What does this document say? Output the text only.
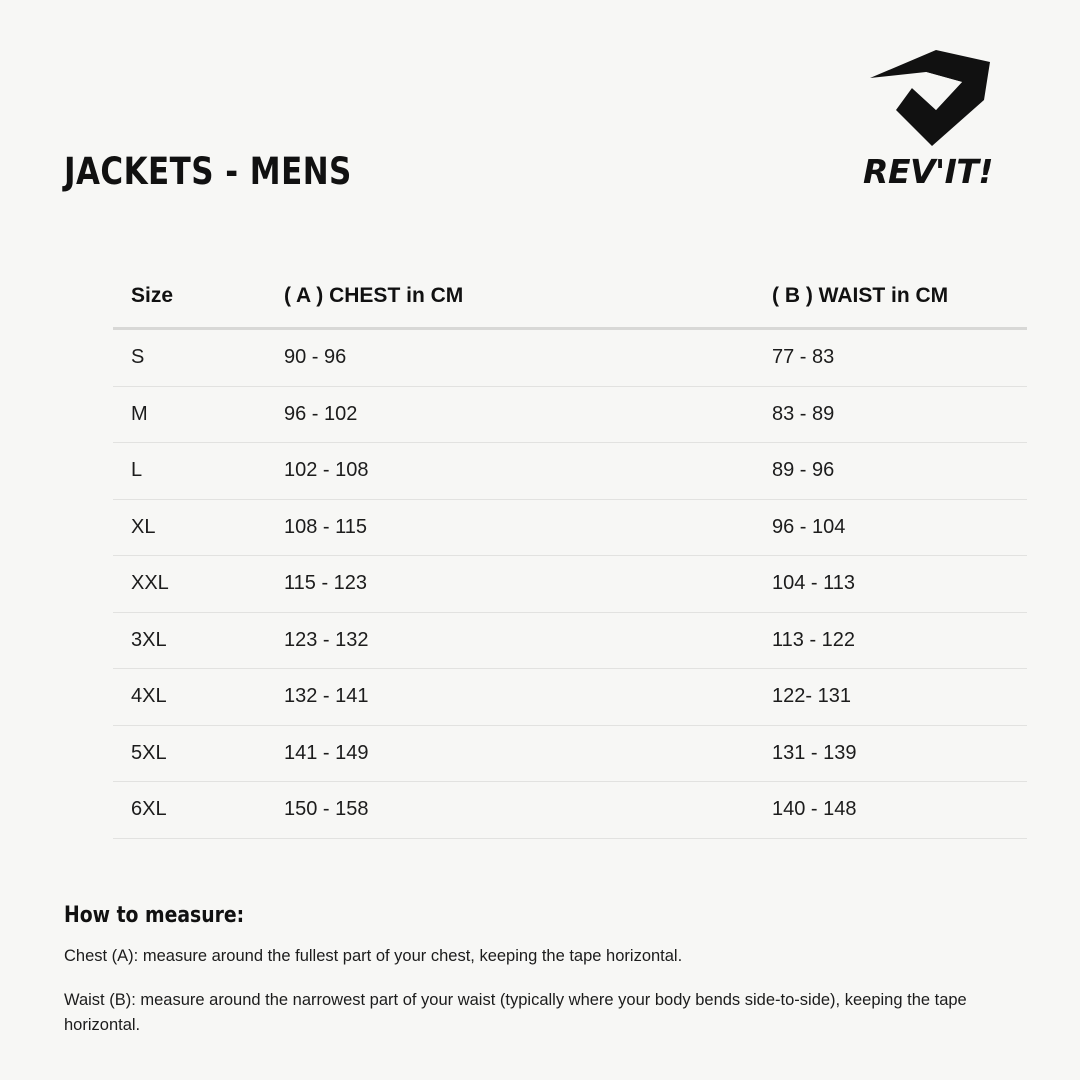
JACKETS - MENS	REV'IT!
Size	( A ) CHEST in CM	( B ) WAIST in CM
S	90 - 96	77 - 83
M	96 - 102	83 - 89
L	102 - 108	89 - 96
XL	108 - 115	96 - 104
XXL	115 - 123	104 - 113
3XL	123 - 132	113 - 122
4XL	132 - 141	122- 131
5XL	141 - 149	131 - 139
6XL	150 - 158	140 - 148
How to measure:
Chest (A): measure around the fullest part of your chest, keeping the tape horizontal.
Waist (B): measure around the narrowest part of your waist (typically where your body bends side-to-side), keeping the tape horizontal.
